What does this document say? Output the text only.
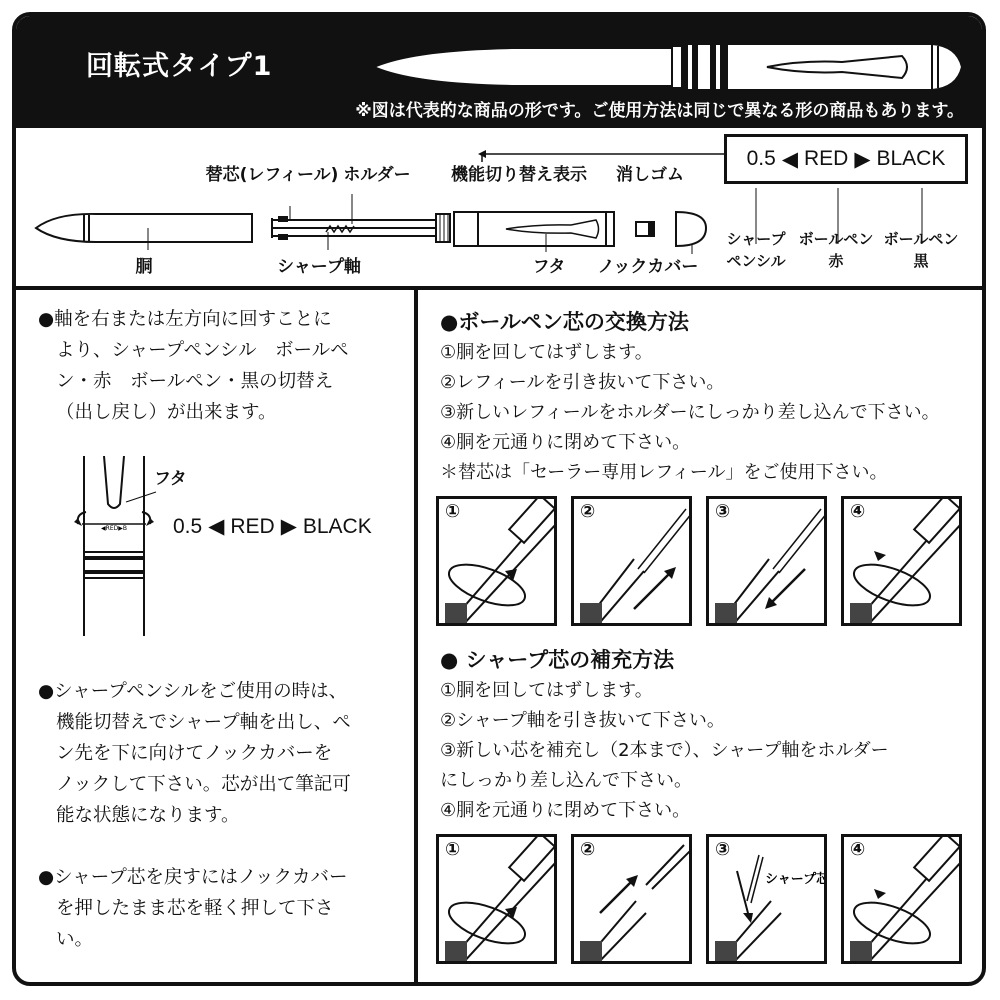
回転式タイプ1
※図は代表的な商品の形です。ご使用方法は同じで異なる形の商品もあります。
替芯(レフィール) ホルダー 機能切り替え表示 消しゴム
胴	シャープ軸	フタ ノックカバー
0.5 ◀ RED ▶ BLACK
シャープ
ペンシル
ボールペン
赤
ボールペン
黒

●軸を右または左方向に回すことに

より、シャープペンシル　ボールペ

ン・赤　ボールペン・黒の切替え

（出し戻し）が出来ます。

◀RED▶B
フタ
0.5 ◀ RED ▶ BLACK

●シャープペンシルをご使用の時は、

機能切替えでシャープ軸を出し、ペ

ン先を下に向けてノックカバーを

ノックして下さい。芯が出て筆記可

能な状態になります。

●シャープ芯を戻すにはノックカバー

を押したまま芯を軽く押して下さ

い。

●ボールペン芯の交換方法
①胴を回してはずします。
②レフィールを引き抜いて下さい。
③新しいレフィールをホルダーにしっかり差し込んで下さい。
④胴を元通りに閉めて下さい。
＊替芯は「セーラー専用レフィール」をご使用下さい。
①	②	③	④
● シャープ芯の補充方法
①胴を回してはずします。
②シャープ軸を引き抜いて下さい。
③新しい芯を補充し（2本まで）、シャープ軸をホルダー
にしっかり差し込んで下さい。
④胴を元通りに閉めて下さい。
①	②
シャープ芯
③	④
